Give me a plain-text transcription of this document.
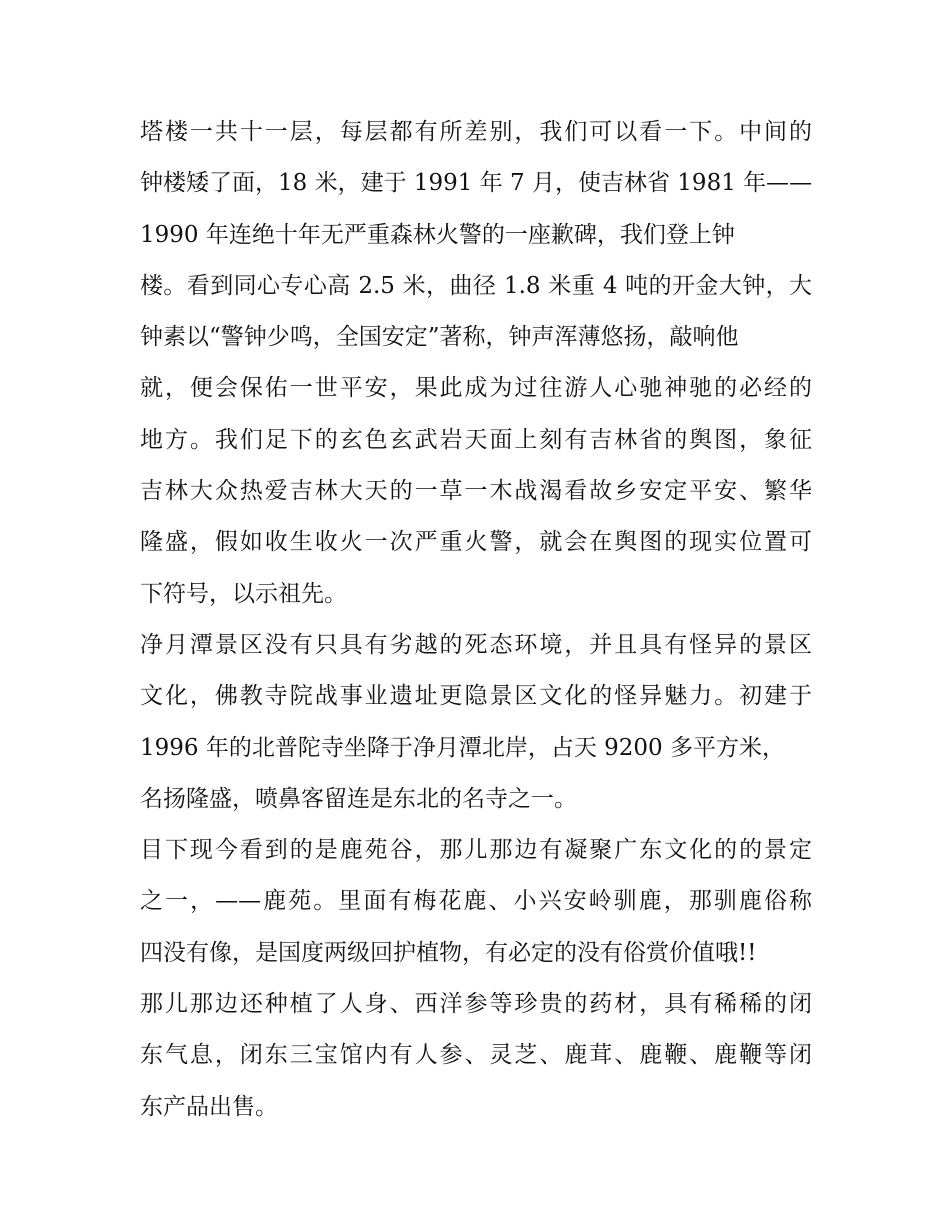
塔楼一共十一层，每层都有所差别，我们可以看一下。中间的
钟楼矮了面，18 米，建于 1991 年 7 月，使吉林省 1981 年——
1990 年连绝十年无严重森林火警的一座歉碑，我们登上钟
楼。看到同心专心高 2.5 米，曲径 1.8 米重 4 吨的开金大钟，大
钟素以“警钟少鸣，全国安定”著称，钟声浑薄悠扬，敲响他
就，便会保佑一世平安，果此成为过往游人心驰神驰的必经的
地方。我们足下的玄色玄武岩天面上刻有吉林省的舆图，象征
吉林大众热爱吉林大天的一草一木战渴看故乡安定平安、繁华
隆盛，假如收生收火一次严重火警，就会在舆图的现实位置可
下符号，以示祖先。
净月潭景区没有只具有劣越的死态环境，并且具有怪异的景区
文化，佛教寺院战事业遗址更隐景区文化的怪异魅力。初建于
1996 年的北普陀寺坐降于净月潭北岸，占天 9200 多平方米，
名扬隆盛，喷鼻客留连是东北的名寺之一。
目下现今看到的是鹿苑谷，那儿那边有凝聚广东文化的的景定
之一，——鹿苑。里面有梅花鹿、小兴安岭驯鹿，那驯鹿俗称
四没有像，是国度两级回护植物，有必定的没有俗赏价值哦!!
那儿那边还种植了人身、西洋参等珍贵的药材，具有稀稀的闭
东气息，闭东三宝馆内有人参、灵芝、鹿茸、鹿鞭、鹿鞭等闭
东产品出售。
